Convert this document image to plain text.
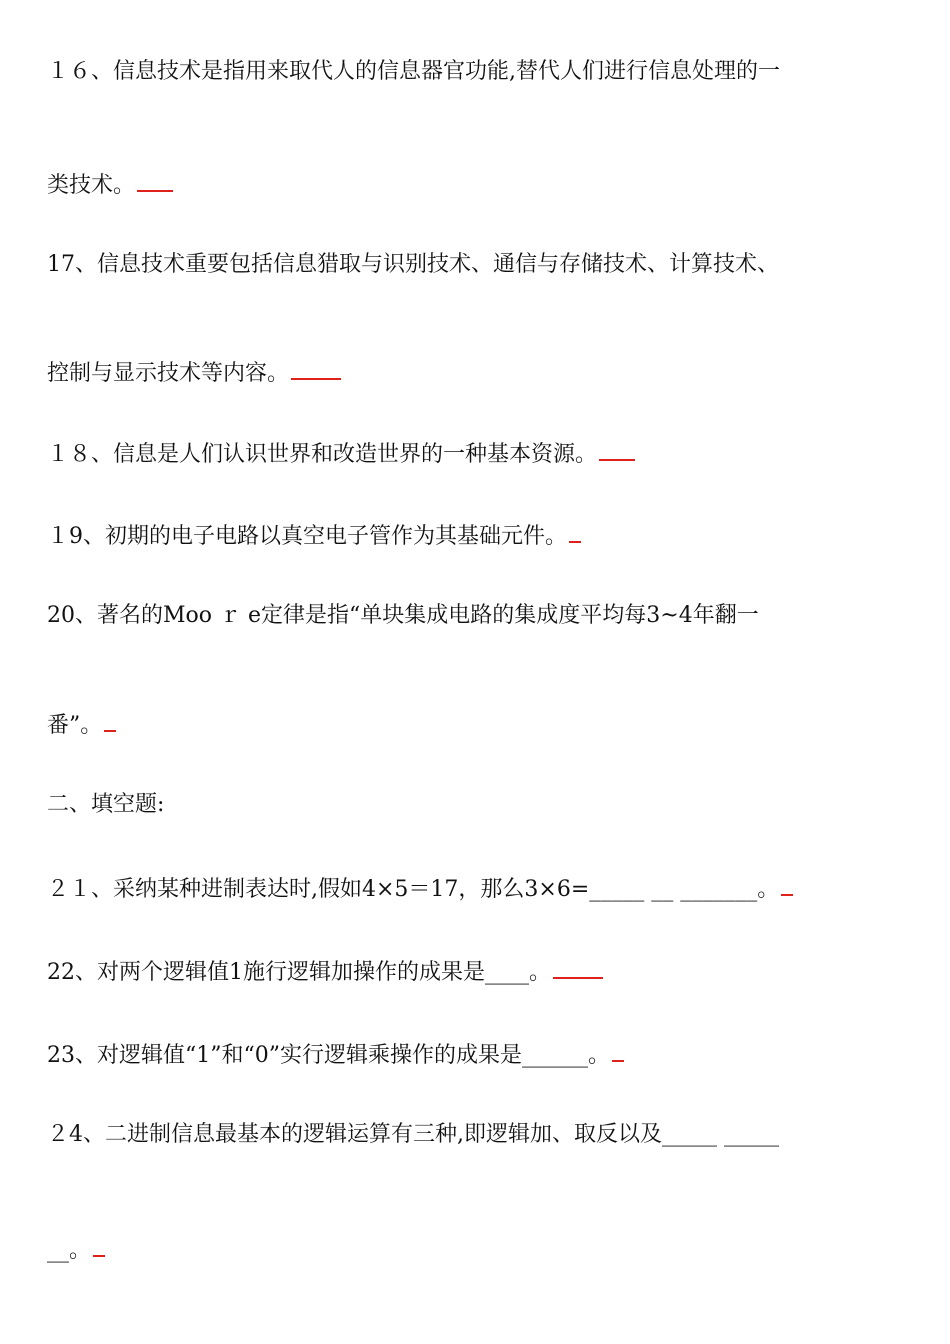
１６、信息技术是指用来取代人的信息器官功能,替代人们进行信息处理的一
类技术。
17、信息技术重要包括信息猎取与识别技术、通信与存储技术、计算技术、
控制与显示技术等内容。
１８、信息是人们认识世界和改造世界的一种基本资源。
１9、初期的电子电路以真空电子管作为其基础元件。
20、著名的Moo ｒ e定律是指“单块集成电路的集成度平均每3~4年翻一
番”。
二、填空题:
２１、采纳某种进制表达时,假如4×5＝17，那么3×6=_____ __ _______。
22、对两个逻辑值1施行逻辑加操作的成果是____。
23、对逻辑值“1”和“0”实行逻辑乘操作的成果是______。
２4、二进制信息最基本的逻辑运算有三种,即逻辑加、取反以及_____ _____
__。
